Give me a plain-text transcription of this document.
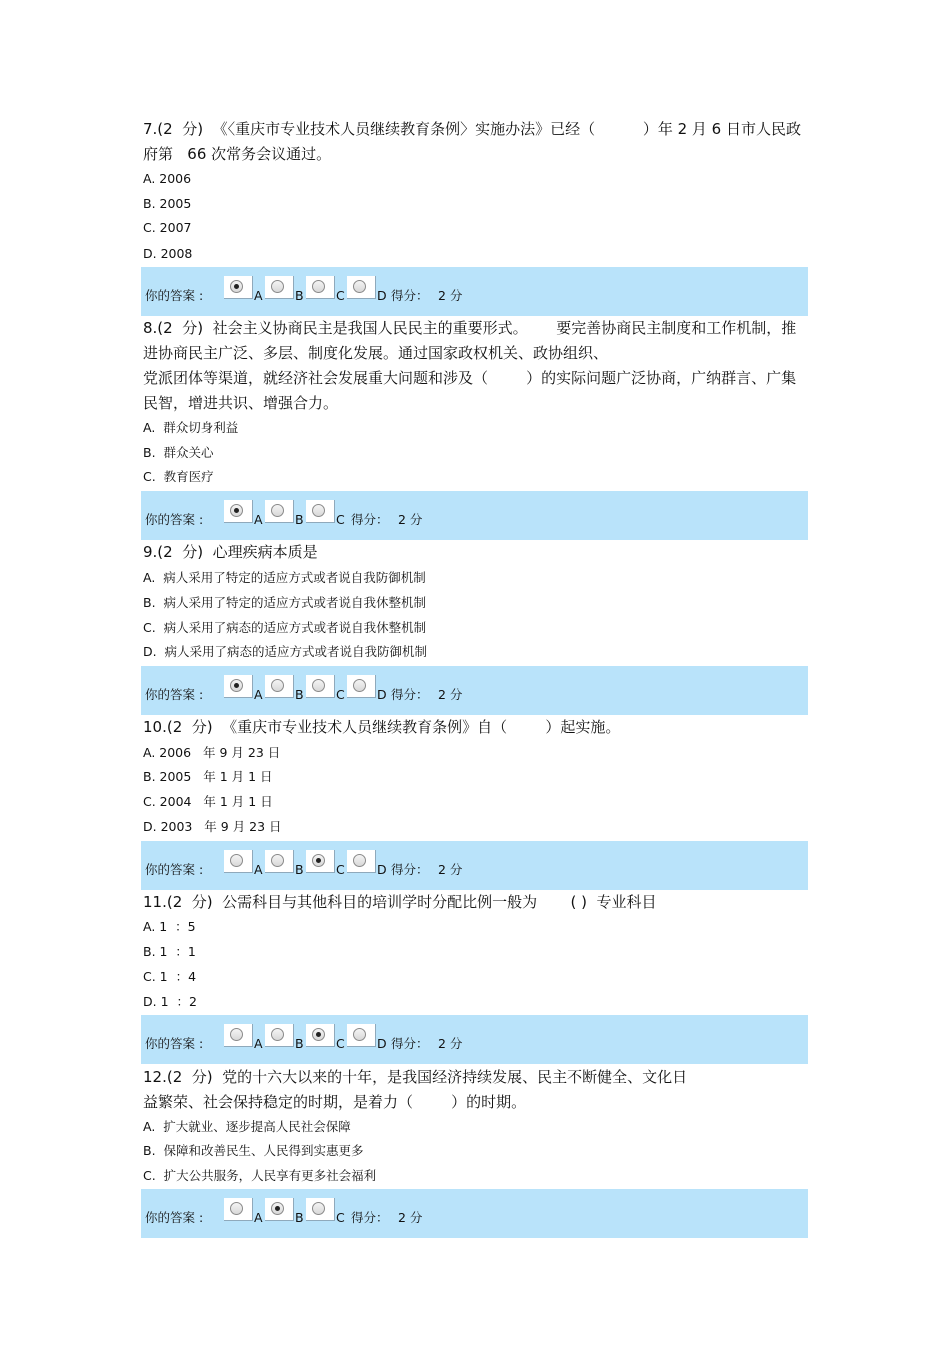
7.(2  分)  《〈重庆市专业技术人员继续教育条例〉实施办法》已经（          ）年 2 月 6 日市人民政府第   66 次常务会议通过。
A. 2006
B. 2005
C. 2007
D. 2008
你的答案 :	A	B	C	D 得分： 2 分
8.(2  分)  社会主义协商民主是我国人民民主的重要形式。      要完善协商民主制度和工作机制，推进协商民主广泛、多层、制度化发展。通过国家政权机关、政协组织、
党派团体等渠道，就经济社会发展重大问题和涉及（        ）的实际问题广泛协商，广纳群言、广集民智，增进共识、增强合力。
A.  群众切身利益
B.  群众关心
C.  教育医疗
你的答案 :	A	B	C 得分： 2 分
9.(2  分)  心理疾病本质是
A.  病人采用了特定的适应方式或者说自我防御机制
B.  病人采用了特定的适应方式或者说自我休整机制
C.  病人采用了病态的适应方式或者说自我休整机制
D.  病人采用了病态的适应方式或者说自我防御机制
你的答案 :	A	B	C	D 得分： 2 分
10.(2  分)  《重庆市专业技术人员继续教育条例》自（        ）起实施。
A. 2006   年 9 月 23 日
B. 2005   年 1 月 1 日
C. 2004   年 1 月 1 日
D. 2003   年 9 月 23 日
你的答案 :	A	B	C	D 得分： 2 分
11.(2  分)  公需科目与其他科目的培训学时分配比例一般为       ( )  专业科目
A. 1  ：5
B. 1  ：1
C. 1  ：4
D. 1  ：2
你的答案 :	A	B	C	D 得分： 2 分
12.(2  分)  党的十六大以来的十年，是我国经济持续发展、民主不断健全、文化日
益繁荣、社会保持稳定的时期，是着力（        ）的时期。
A.  扩大就业、逐步提高人民社会保障
B.  保障和改善民生、人民得到实惠更多
C.  扩大公共服务，人民享有更多社会福利
你的答案 :	A	B	C 得分： 2 分
